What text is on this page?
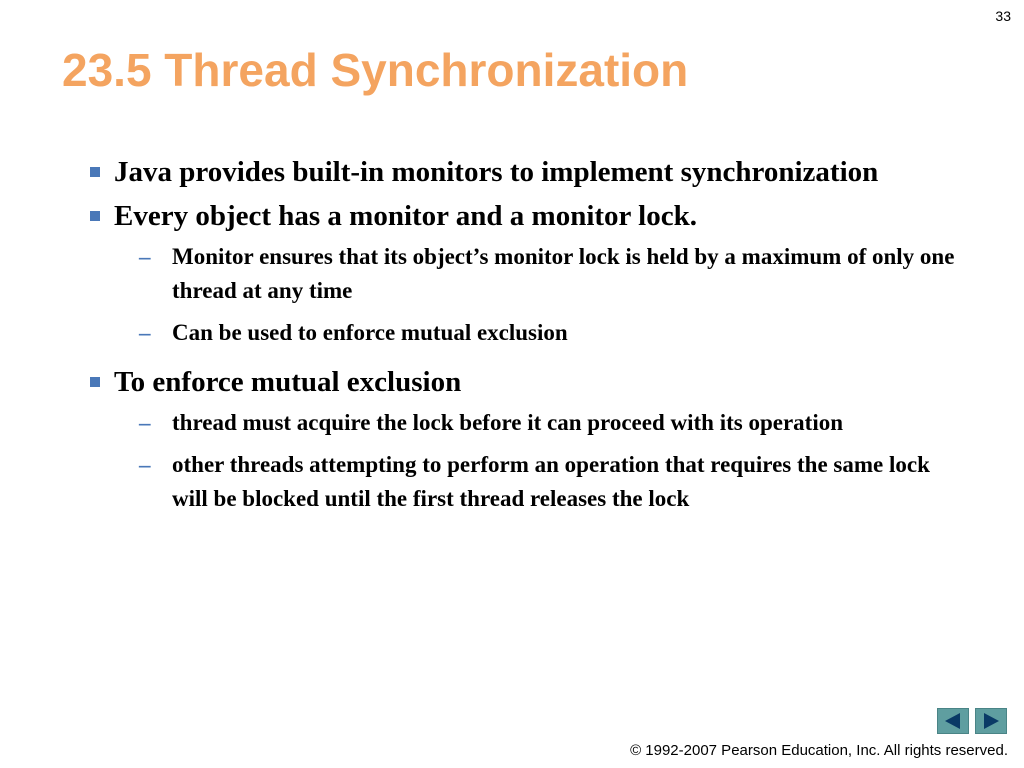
33
23.5 Thread Synchronization
Java provides built-in monitors to implement synchronization
Every object has a monitor and a monitor lock.
– Monitor ensures that its object’s monitor lock is held by a maximum of only one thread at any time
– Can be used to enforce mutual exclusion
To enforce mutual exclusion
– thread must acquire the lock before it can proceed with its operation
– other threads attempting to perform an operation that requires the same lock will be blocked until the first thread releases the lock
© 1992-2007 Pearson Education, Inc. All rights reserved.
